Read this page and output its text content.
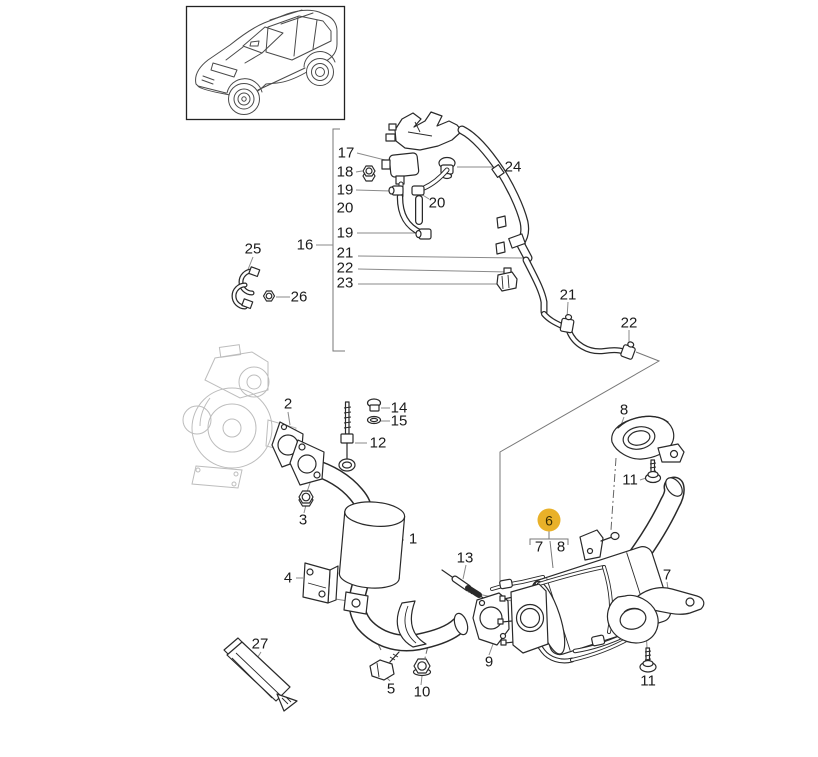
17
18
19
20
19
21
22
23
16
24
20
25
26
2	14
15
12
3
1
4
13
27
5 10
9
21
22
6
7 8
8
11
7
11
